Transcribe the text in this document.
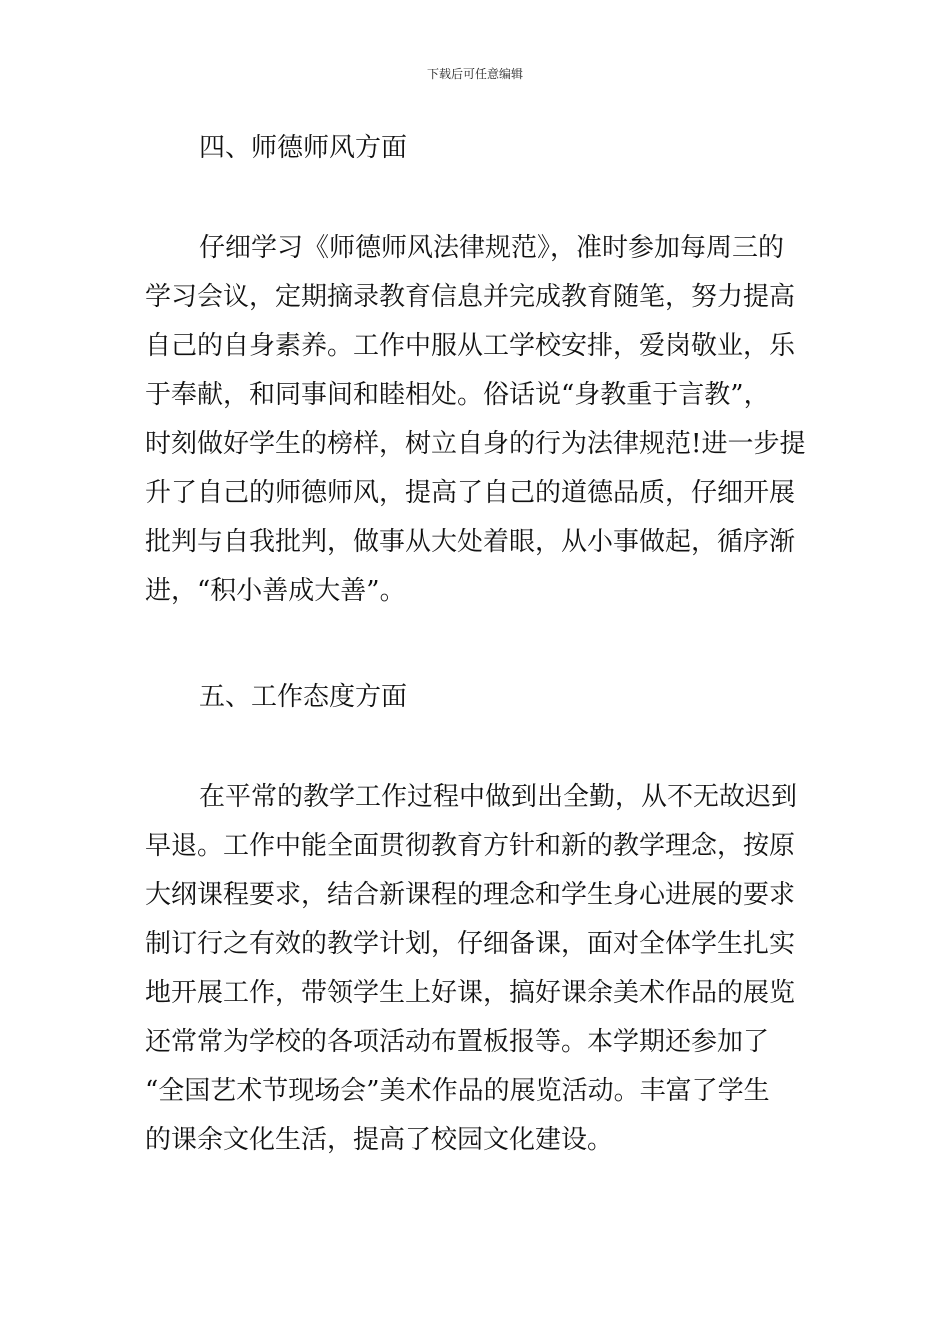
下载后可任意编辑
四、师德师风方面
仔细学习《师德师风法律规范》，准时参加每周三的
学习会议，定期摘录教育信息并完成教育随笔，努力提高
自己的自身素养。工作中服从工学校安排，爱岗敬业，乐
于奉献，和同事间和睦相处。俗话说“身教重于言教”，
时刻做好学生的榜样，树立自身的行为法律规范!进一步提
升了自己的师德师风，提高了自己的道德品质，仔细开展
批判与自我批判，做事从大处着眼，从小事做起，循序渐
进，“积小善成大善”。
五、工作态度方面
在平常的教学工作过程中做到出全勤，从不无故迟到
早退。工作中能全面贯彻教育方针和新的教学理念，按原
大纲课程要求，结合新课程的理念和学生身心进展的要求
制订行之有效的教学计划，仔细备课，面对全体学生扎实
地开展工作，带领学生上好课，搞好课余美术作品的展览
还常常为学校的各项活动布置板报等。本学期还参加了
“全国艺术节现场会”美术作品的展览活动。丰富了学生
的课余文化生活，提高了校园文化建设。
